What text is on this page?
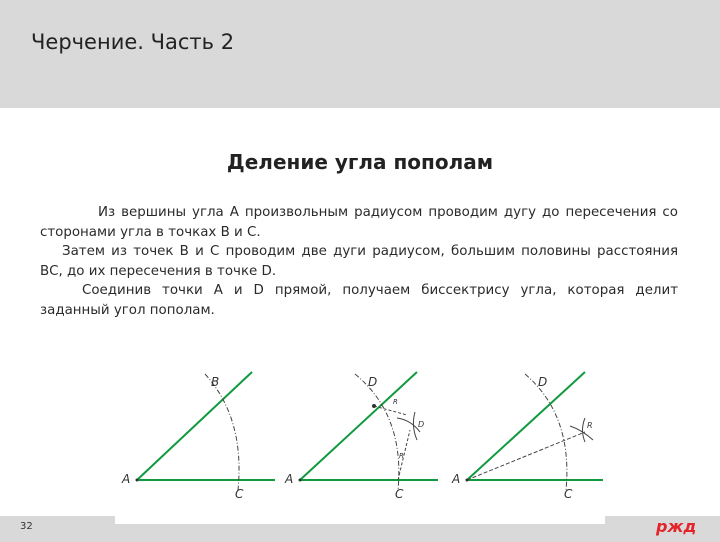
Черчение. Часть 2
Деление угла пополам

Из вершины угла А произвольным радиусом проводим дугу до пересечения со сторонами угла в точках В и С.

Затем из точек В и С проводим две дуги радиусом, большим половины расстояния ВС, до их пересечения в точке D.

Соединив точки А и D прямой, получаем биссектрису угла, которая делит заданный угол пополам.

A
B
C
A
D
C
R
D
R
A
D
C
R
32	ржд
